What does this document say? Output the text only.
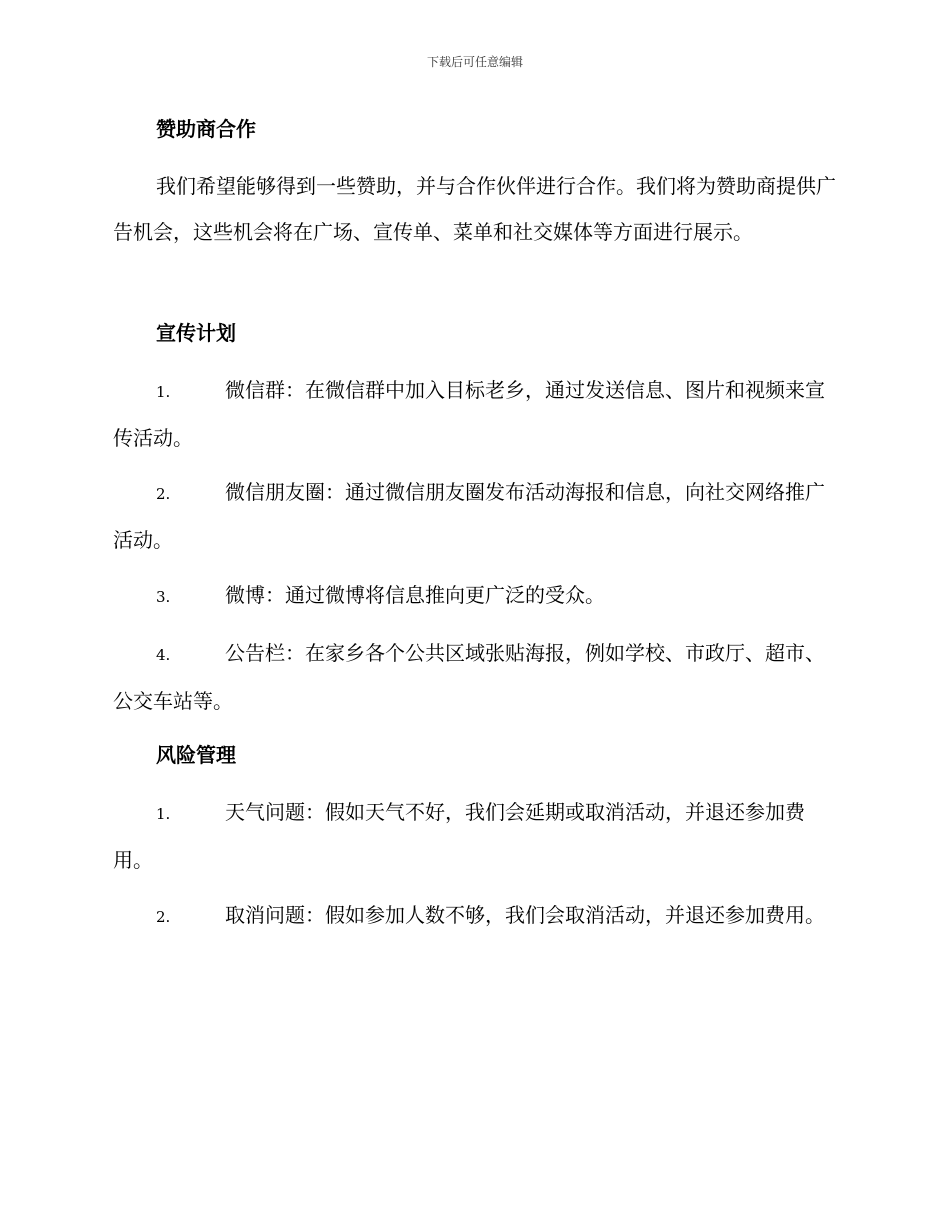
下载后可任意编辑
赞助商合作

我们希望能够得到一些赞助，并与合作伙伴进行合作。我们将为赞助商提供广告机会，这些机会将在广场、宣传单、菜单和社交媒体等方面进行展示。

宣传计划

1.	微信群：在微信群中加入目标老乡，通过发送信息、图片和视频来宣传活动。

2.	微信朋友圈：通过微信朋友圈发布活动海报和信息，向社交网络推广活动。

3.	微博：通过微博将信息推向更广泛的受众。

4.	公告栏：在家乡各个公共区域张贴海报，例如学校、市政厅、超市、公交车站等。

风险管理

1.	天气问题：假如天气不好，我们会延期或取消活动，并退还参加费用。

2.	取消问题：假如参加人数不够，我们会取消活动，并退还参加费用。
